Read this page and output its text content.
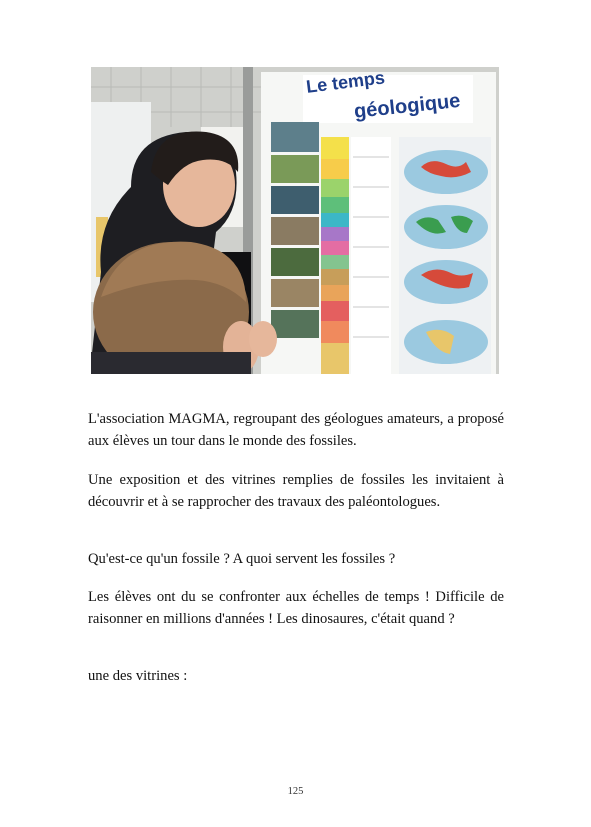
Le temps
géologique

L'association MAGMA, regroupant des géologues amateurs, a proposé aux élèves un tour dans le monde des fossiles.

Une exposition et des vitrines remplies de fossiles les invitaient à découvrir et à se rapprocher des travaux des paléontologues.

Qu'est-ce qu'un fossile ? A quoi servent les fossiles ?

Les élèves ont du se confronter aux échelles de temps ! Difficile de raisonner en millions d'années ! Les dinosaures, c'était quand ?

une des vitrines :

125
